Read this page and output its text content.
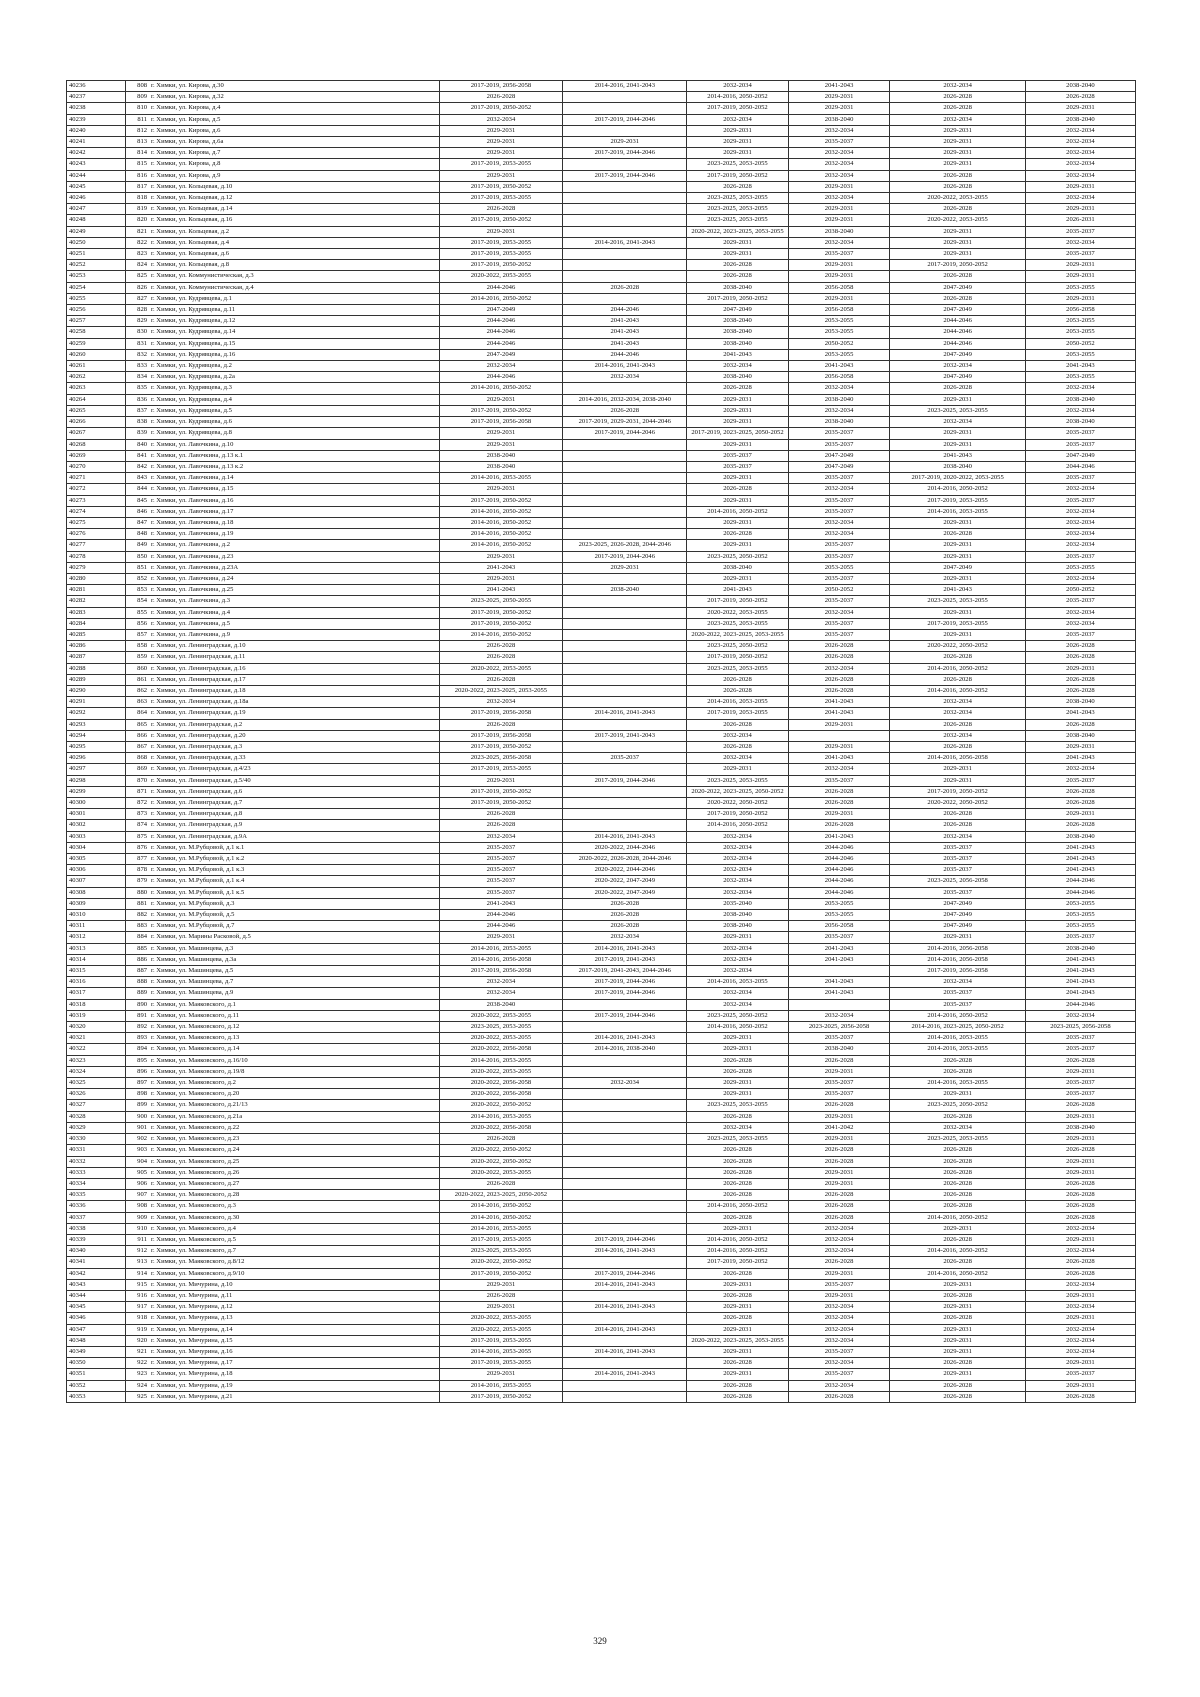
40236	808	г. Химки, ул. Кирова, д.30	2017-2019, 2056-2058	2014-2016, 2041-2043	2032-2034	2041-2043	2032-2034	2038-2040
40237	809	г. Химки, ул. Кирова, д.32	2026-2028		2014-2016, 2050-2052	2029-2031	2026-2028	2026-2028
40238	810	г. Химки, ул. Кирова, д.4	2017-2019, 2050-2052		2017-2019, 2050-2052	2029-2031	2026-2028	2029-2031
40239	811	г. Химки, ул. Кирова, д.5	2032-2034	2017-2019, 2044-2046	2032-2034	2038-2040	2032-2034	2038-2040
40240	812	г. Химки, ул. Кирова, д.6	2029-2031		2029-2031	2032-2034	2029-2031	2032-2034
40241	813	г. Химки, ул. Кирова, д.6а	2029-2031	2029-2031	2029-2031	2035-2037	2029-2031	2032-2034
40242	814	г. Химки, ул. Кирова, д.7	2029-2031	2017-2019, 2044-2046	2029-2031	2032-2034	2029-2031	2032-2034
40243	815	г. Химки, ул. Кирова, д.8	2017-2019, 2053-2055		2023-2025, 2053-2055	2032-2034	2029-2031	2032-2034
40244	816	г. Химки, ул. Кирова, д.9	2029-2031	2017-2019, 2044-2046	2017-2019, 2050-2052	2032-2034	2026-2028	2032-2034
40245	817	г. Химки, ул. Кольцевая, д.10	2017-2019, 2050-2052		2026-2028	2029-2031	2026-2028	2029-2031
40246	818	г. Химки, ул. Кольцевая, д.12	2017-2019, 2053-2055		2023-2025, 2053-2055	2032-2034	2020-2022, 2053-2055	2032-2034
40247	819	г. Химки, ул. Кольцевая, д.14	2026-2028		2023-2025, 2053-2055	2029-2031	2026-2028	2029-2031
40248	820	г. Химки, ул. Кольцевая, д.16	2017-2019, 2050-2052		2023-2025, 2053-2055	2029-2031	2020-2022, 2053-2055	2026-2031
40249	821	г. Химки, ул. Кольцевая, д.2	2029-2031		2020-2022, 2023-2025, 2053-2055	2038-2040	2029-2031	2035-2037
40250	822	г. Химки, ул. Кольцевая, д.4	2017-2019, 2053-2055	2014-2016, 2041-2043	2029-2031	2032-2034	2029-2031	2032-2034
40251	823	г. Химки, ул. Кольцевая, д.6	2017-2019, 2053-2055		2029-2031	2035-2037	2029-2031	2035-2037
40252	824	г. Химки, ул. Кольцевая, д.8	2017-2019, 2050-2052		2026-2028	2029-2031	2017-2019, 2050-2052	2029-2031
40253	825	г. Химки, ул. Коммунистическая, д.3	2020-2022, 2053-2055		2026-2028	2029-2031	2026-2028	2029-2031
40254	826	г. Химки, ул. Коммунистическая, д.4	2044-2046	2026-2028	2038-2040	2056-2058	2047-2049	2053-2055
40255	827	г. Химки, ул. Кудрявцева, д.1	2014-2016, 2050-2052		2017-2019, 2050-2052	2029-2031	2026-2028	2029-2031
40256	828	г. Химки, ул. Кудрявцева, д.11	2047-2049	2044-2046	2047-2049	2056-2058	2047-2049	2056-2058
40257	829	г. Химки, ул. Кудрявцева, д.12	2044-2046	2041-2043	2038-2040	2053-2055	2044-2046	2053-2055
40258	830	г. Химки, ул. Кудрявцева, д.14	2044-2046	2041-2043	2038-2040	2053-2055	2044-2046	2053-2055
40259	831	г. Химки, ул. Кудрявцева, д.15	2044-2046	2041-2043	2038-2040	2050-2052	2044-2046	2050-2052
40260	832	г. Химки, ул. Кудрявцева, д.16	2047-2049	2044-2046	2041-2043	2053-2055	2047-2049	2053-2055
40261	833	г. Химки, ул. Кудрявцева, д.2	2032-2034	2014-2016, 2041-2043	2032-2034	2041-2043	2032-2034	2041-2043
40262	834	г. Химки, ул. Кудрявцева, д.2а	2044-2046	2032-2034	2038-2040	2056-2058	2047-2049	2053-2055
40263	835	г. Химки, ул. Кудрявцева, д.3	2014-2016, 2050-2052		2026-2028	2032-2034	2026-2028	2032-2034
40264	836	г. Химки, ул. Кудрявцева, д.4	2029-2031	2014-2016, 2032-2034, 2038-2040	2029-2031	2038-2040	2029-2031	2038-2040
40265	837	г. Химки, ул. Кудрявцева, д.5	2017-2019, 2050-2052	2026-2028	2029-2031	2032-2034	2023-2025, 2053-2055	2032-2034
40266	838	г. Химки, ул. Кудрявцева, д.6	2017-2019, 2056-2058	2017-2019, 2029-2031, 2044-2046	2029-2031	2038-2040	2032-2034	2038-2040
40267	839	г. Химки, ул. Кудрявцева, д.8	2029-2031	2017-2019, 2044-2046	2017-2019, 2023-2025, 2050-2052	2035-2037	2029-2031	2035-2037
40268	840	г. Химки, ул. Лавочкина, д.10	2029-2031		2029-2031	2035-2037	2029-2031	2035-2037
40269	841	г. Химки, ул. Лавочкина, д.13 к.1	2038-2040		2035-2037	2047-2049	2041-2043	2047-2049
40270	842	г. Химки, ул. Лавочкина, д.13 к.2	2038-2040		2035-2037	2047-2049	2038-2040	2044-2046
40271	843	г. Химки, ул. Лавочкина, д.14	2014-2016, 2053-2055		2029-2031	2035-2037	2017-2019, 2020-2022, 2053-2055	2035-2037
40272	844	г. Химки, ул. Лавочкина, д.15	2029-2031		2026-2028	2032-2034	2014-2016, 2050-2052	2032-2034
40273	845	г. Химки, ул. Лавочкина, д.16	2017-2019, 2050-2052		2029-2031	2035-2037	2017-2019, 2053-2055	2035-2037
40274	846	г. Химки, ул. Лавочкина, д.17	2014-2016, 2050-2052		2014-2016, 2050-2052	2035-2037	2014-2016, 2053-2055	2032-2034
40275	847	г. Химки, ул. Лавочкина, д.18	2014-2016, 2050-2052		2029-2031	2032-2034	2029-2031	2032-2034
40276	848	г. Химки, ул. Лавочкина, д.19	2014-2016, 2050-2052		2026-2028	2032-2034	2026-2028	2032-2034
40277	849	г. Химки, ул. Лавочкина, д.2	2014-2016, 2050-2052	2023-2025, 2026-2028, 2044-2046	2029-2031	2035-2037	2029-2031	2032-2034
40278	850	г. Химки, ул. Лавочкина, д.23	2029-2031	2017-2019, 2044-2046	2023-2025, 2050-2052	2035-2037	2029-2031	2035-2037
40279	851	г. Химки, ул. Лавочкина, д.23А	2041-2043	2029-2031	2038-2040	2053-2055	2047-2049	2053-2055
40280	852	г. Химки, ул. Лавочкина, д.24	2029-2031		2029-2031	2035-2037	2029-2031	2032-2034
40281	853	г. Химки, ул. Лавочкина, д.25	2041-2043	2038-2040	2041-2043	2050-2052	2041-2043	2050-2052
40282	854	г. Химки, ул. Лавочкина, д.3	2023-2025, 2050-2055		2017-2019, 2050-2052	2035-2037	2023-2025, 2053-2055	2035-2037
40283	855	г. Химки, ул. Лавочкина, д.4	2017-2019, 2050-2052		2020-2022, 2053-2055	2032-2034	2029-2031	2032-2034
40284	856	г. Химки, ул. Лавочкина, д.5	2017-2019, 2050-2052		2023-2025, 2053-2055	2035-2037	2017-2019, 2053-2055	2032-2034
40285	857	г. Химки, ул. Лавочкина, д.9	2014-2016, 2050-2052		2020-2022, 2023-2025, 2053-2055	2035-2037	2029-2031	2035-2037
40286	858	г. Химки, ул. Ленинградская, д.10	2026-2028		2023-2025, 2050-2052	2026-2028	2020-2022, 2050-2052	2026-2028
40287	859	г. Химки, ул. Ленинградская, д.11	2026-2028		2017-2019, 2050-2052	2026-2028	2026-2028	2026-2028
40288	860	г. Химки, ул. Ленинградская, д.16	2020-2022, 2053-2055		2023-2025, 2053-2055	2032-2034	2014-2016, 2050-2052	2029-2031
40289	861	г. Химки, ул. Ленинградская, д.17	2026-2028		2026-2028	2026-2028	2026-2028	2026-2028
40290	862	г. Химки, ул. Ленинградская, д.18	2020-2022, 2023-2025, 2053-2055		2026-2028	2026-2028	2014-2016, 2050-2052	2026-2028
40291	863	г. Химки, ул. Ленинградская, д.18а	2032-2034		2014-2016, 2053-2055	2041-2043	2032-2034	2038-2040
40292	864	г. Химки, ул. Ленинградская, д.19	2017-2019, 2056-2058	2014-2016, 2041-2043	2017-2019, 2053-2055	2041-2043	2032-2034	2041-2043
40293	865	г. Химки, ул. Ленинградская, д.2	2026-2028		2026-2028	2029-2031	2026-2028	2026-2028
40294	866	г. Химки, ул. Ленинградская, д.20	2017-2019, 2056-2058	2017-2019, 2041-2043	2032-2034		2032-2034	2038-2040
40295	867	г. Химки, ул. Ленинградская, д.3	2017-2019, 2050-2052		2026-2028	2029-2031	2026-2028	2029-2031
40296	868	г. Химки, ул. Ленинградская, д.33	2023-2025, 2056-2058	2035-2037	2032-2034	2041-2043	2014-2016, 2056-2058	2041-2043
40297	869	г. Химки, ул. Ленинградская, д.4/23	2017-2019, 2053-2055		2029-2031	2032-2034	2029-2031	2032-2034
40298	870	г. Химки, ул. Ленинградская, д.5/40	2029-2031	2017-2019, 2044-2046	2023-2025, 2053-2055	2035-2037	2029-2031	2035-2037
40299	871	г. Химки, ул. Ленинградская, д.6	2017-2019, 2050-2052		2020-2022, 2023-2025, 2050-2052	2026-2028	2017-2019, 2050-2052	2026-2028
40300	872	г. Химки, ул. Ленинградская, д.7	2017-2019, 2050-2052		2020-2022, 2050-2052	2026-2028	2020-2022, 2050-2052	2026-2028
40301	873	г. Химки, ул. Ленинградская, д.8	2026-2028		2017-2019, 2050-2052	2029-2031	2026-2028	2029-2031
40302	874	г. Химки, ул. Ленинградская, д.9	2026-2028		2014-2016, 2050-2052	2026-2028	2026-2028	2026-2028
40303	875	г. Химки, ул. Ленинградская, д.9А	2032-2034	2014-2016, 2041-2043	2032-2034	2041-2043	2032-2034	2038-2040
40304	876	г. Химки, ул. М.Рубцовой, д.1 к.1	2035-2037	2020-2022, 2044-2046	2032-2034	2044-2046	2035-2037	2041-2043
40305	877	г. Химки, ул. М.Рубцовой, д.1 к.2	2035-2037	2020-2022, 2026-2028, 2044-2046	2032-2034	2044-2046	2035-2037	2041-2043
40306	878	г. Химки, ул. М.Рубцовой, д.1 к.3	2035-2037	2020-2022, 2044-2046	2032-2034	2044-2046	2035-2037	2041-2043
40307	879	г. Химки, ул. М.Рубцовой, д.1 к.4	2035-2037	2020-2022, 2047-2049	2032-2034	2044-2046	2023-2025, 2056-2058	2044-2046
40308	880	г. Химки, ул. М.Рубцовой, д.1 к.5	2035-2037	2020-2022, 2047-2049	2032-2034	2044-2046	2035-2037	2044-2046
40309	881	г. Химки, ул. М.Рубцовой, д.3	2041-2043	2026-2028	2035-2040	2053-2055	2047-2049	2053-2055
40310	882	г. Химки, ул. М.Рубцовой, д.5	2044-2046	2026-2028	2038-2040	2053-2055	2047-2049	2053-2055
40311	883	г. Химки, ул. М.Рубцовой, д.7	2044-2046	2026-2028	2038-2040	2056-2058	2047-2049	2053-2055
40312	884	г. Химки, ул. Марины Расковой, д.5	2029-2031	2032-2034	2029-2031	2035-2037	2029-2031	2035-2037
40313	885	г. Химки, ул. Машинцева, д.3	2014-2016, 2053-2055	2014-2016, 2041-2043	2032-2034	2041-2043	2014-2016, 2056-2058	2038-2040
40314	886	г. Химки, ул. Машинцева, д.3а	2014-2016, 2056-2058	2017-2019, 2041-2043	2032-2034	2041-2043	2014-2016, 2056-2058	2041-2043
40315	887	г. Химки, ул. Машинцева, д.5	2017-2019, 2056-2058	2017-2019, 2041-2043, 2044-2046	2032-2034		2017-2019, 2056-2058	2041-2043
40316	888	г. Химки, ул. Машинцева, д.7	2032-2034	2017-2019, 2044-2046	2014-2016, 2053-2055	2041-2043	2032-2034	2041-2043
40317	889	г. Химки, ул. Машинцева, д.9	2032-2034	2017-2019, 2044-2046	2032-2034	2041-2043	2035-2037	2041-2043
40318	890	г. Химки, ул. Маяковского, д.1	2038-2040		2032-2034		2035-2037	2044-2046
40319	891	г. Химки, ул. Маяковского, д.11	2020-2022, 2053-2055	2017-2019, 2044-2046	2023-2025, 2050-2052	2032-2034	2014-2016, 2050-2052	2032-2034
40320	892	г. Химки, ул. Маяковского, д.12	2023-2025, 2053-2055		2014-2016, 2050-2052	2023-2025, 2056-2058	2014-2016, 2023-2025, 2050-2052	2023-2025, 2056-2058
40321	893	г. Химки, ул. Маяковского, д.13	2020-2022, 2053-2055	2014-2016, 2041-2043	2029-2031	2035-2037	2014-2016, 2053-2055	2035-2037
40322	894	г. Химки, ул. Маяковского, д.14	2020-2022, 2056-2058	2014-2016, 2038-2040	2029-2031	2038-2040	2014-2016, 2053-2055	2035-2037
40323	895	г. Химки, ул. Маяковского, д.16/10	2014-2016, 2053-2055		2026-2028	2026-2028	2026-2028	2026-2028
40324	896	г. Химки, ул. Маяковского, д.19/8	2020-2022, 2053-2055		2026-2028	2029-2031	2026-2028	2029-2031
40325	897	г. Химки, ул. Маяковского, д.2	2020-2022, 2056-2058	2032-2034	2029-2031	2035-2037	2014-2016, 2053-2055	2035-2037
40326	898	г. Химки, ул. Маяковского, д.20	2020-2022, 2056-2058		2029-2031	2035-2037	2029-2031	2035-2037
40327	899	г. Химки, ул. Маяковского, д.21/13	2020-2022, 2050-2052		2023-2025, 2053-2055	2026-2028	2023-2025, 2050-2052	2026-2028
40328	900	г. Химки, ул. Маяковского, д.21а	2014-2016, 2053-2055		2026-2028	2029-2031	2026-2028	2029-2031
40329	901	г. Химки, ул. Маяковского, д.22	2020-2022, 2056-2058		2032-2034	2041-2042	2032-2034	2038-2040
40330	902	г. Химки, ул. Маяковского, д.23	2026-2028		2023-2025, 2053-2055	2029-2031	2023-2025, 2053-2055	2029-2031
40331	903	г. Химки, ул. Маяковского, д.24	2020-2022, 2050-2052		2026-2028	2026-2028	2026-2028	2026-2028
40332	904	г. Химки, ул. Маяковского, д.25	2020-2022, 2050-2052		2026-2028	2026-2028	2026-2028	2029-2031
40333	905	г. Химки, ул. Маяковского, д.26	2020-2022, 2053-2055		2026-2028	2029-2031	2026-2028	2029-2031
40334	906	г. Химки, ул. Маяковского, д.27	2026-2028		2026-2028	2029-2031	2026-2028	2026-2028
40335	907	г. Химки, ул. Маяковского, д.28	2020-2022, 2023-2025, 2050-2052		2026-2028	2026-2028	2026-2028	2026-2028
40336	908	г. Химки, ул. Маяковского, д.3	2014-2016, 2050-2052		2014-2016, 2050-2052	2026-2028	2026-2028	2026-2028
40337	909	г. Химки, ул. Маяковского, д.30	2014-2016, 2050-2052		2026-2028	2026-2028	2014-2016, 2050-2052	2026-2028
40338	910	г. Химки, ул. Маяковского, д.4	2014-2016, 2053-2055		2029-2031	2032-2034	2029-2031	2032-2034
40339	911	г. Химки, ул. Маяковского, д.5	2017-2019, 2053-2055	2017-2019, 2044-2046	2014-2016, 2050-2052	2032-2034	2026-2028	2029-2031
40340	912	г. Химки, ул. Маяковского, д.7	2023-2025, 2053-2055	2014-2016, 2041-2043	2014-2016, 2050-2052	2032-2034	2014-2016, 2050-2052	2032-2034
40341	913	г. Химки, ул. Маяковского, д.8/12	2020-2022, 2050-2052		2017-2019, 2050-2052	2026-2028	2026-2028	2026-2028
40342	914	г. Химки, ул. Маяковского, д.9/10	2017-2019, 2050-2052	2017-2019, 2044-2046	2026-2028	2029-2031	2014-2016, 2050-2052	2026-2028
40343	915	г. Химки, ул. Мичурина, д.10	2029-2031	2014-2016, 2041-2043	2029-2031	2035-2037	2029-2031	2032-2034
40344	916	г. Химки, ул. Мичурина, д.11	2026-2028		2026-2028	2029-2031	2026-2028	2029-2031
40345	917	г. Химки, ул. Мичурина, д.12	2029-2031	2014-2016, 2041-2043	2029-2031	2032-2034	2029-2031	2032-2034
40346	918	г. Химки, ул. Мичурина, д.13	2020-2022, 2053-2055		2026-2028	2032-2034	2026-2028	2029-2031
40347	919	г. Химки, ул. Мичурина, д.14	2020-2022, 2053-2055	2014-2016, 2041-2043	2029-2031	2032-2034	2029-2031	2032-2034
40348	920	г. Химки, ул. Мичурина, д.15	2017-2019, 2053-2055		2020-2022, 2023-2025, 2053-2055	2032-2034	2029-2031	2032-2034
40349	921	г. Химки, ул. Мичурина, д.16	2014-2016, 2053-2055	2014-2016, 2041-2043	2029-2031	2035-2037	2029-2031	2032-2034
40350	922	г. Химки, ул. Мичурина, д.17	2017-2019, 2053-2055		2026-2028	2032-2034	2026-2028	2029-2031
40351	923	г. Химки, ул. Мичурина, д.18	2029-2031	2014-2016, 2041-2043	2029-2031	2035-2037	2029-2031	2035-2037
40352	924	г. Химки, ул. Мичурина, д.19	2014-2016, 2053-2055		2026-2028	2032-2034	2026-2028	2029-2031
40353	925	г. Химки, ул. Мичурина, д.21	2017-2019, 2050-2052		2026-2028	2026-2028	2026-2028	2026-2028
329
